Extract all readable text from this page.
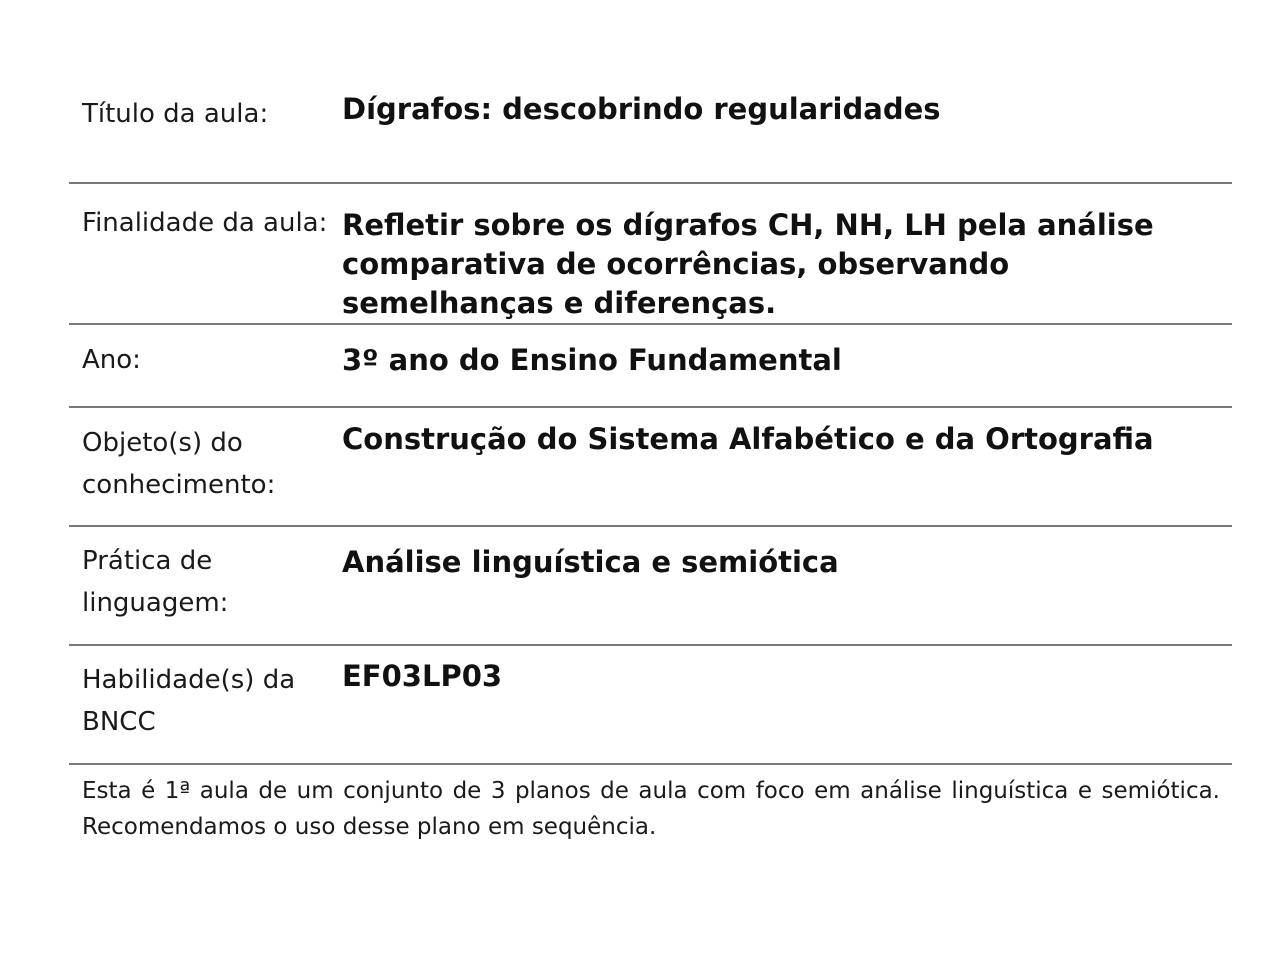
Título da aula:	Dígrafos: descobrindo regularidades
Finalidade da aula: Refletir sobre os dígrafos CH, NH, LH pela análise comparativa de ocorrências, observando semelhanças e diferenças.
Ano:	3º ano do Ensino Fundamental
Objeto(s) do conhecimento:
Construção do Sistema Alfabético e da Ortografia
Prática de linguagem:
Análise linguística e semiótica
Habilidade(s) da BNCC
EF03LP03
Esta é 1ª aula de um conjunto de 3 planos de aula com foco em análise linguística e semiótica. Recomendamos o uso desse plano em sequência.
